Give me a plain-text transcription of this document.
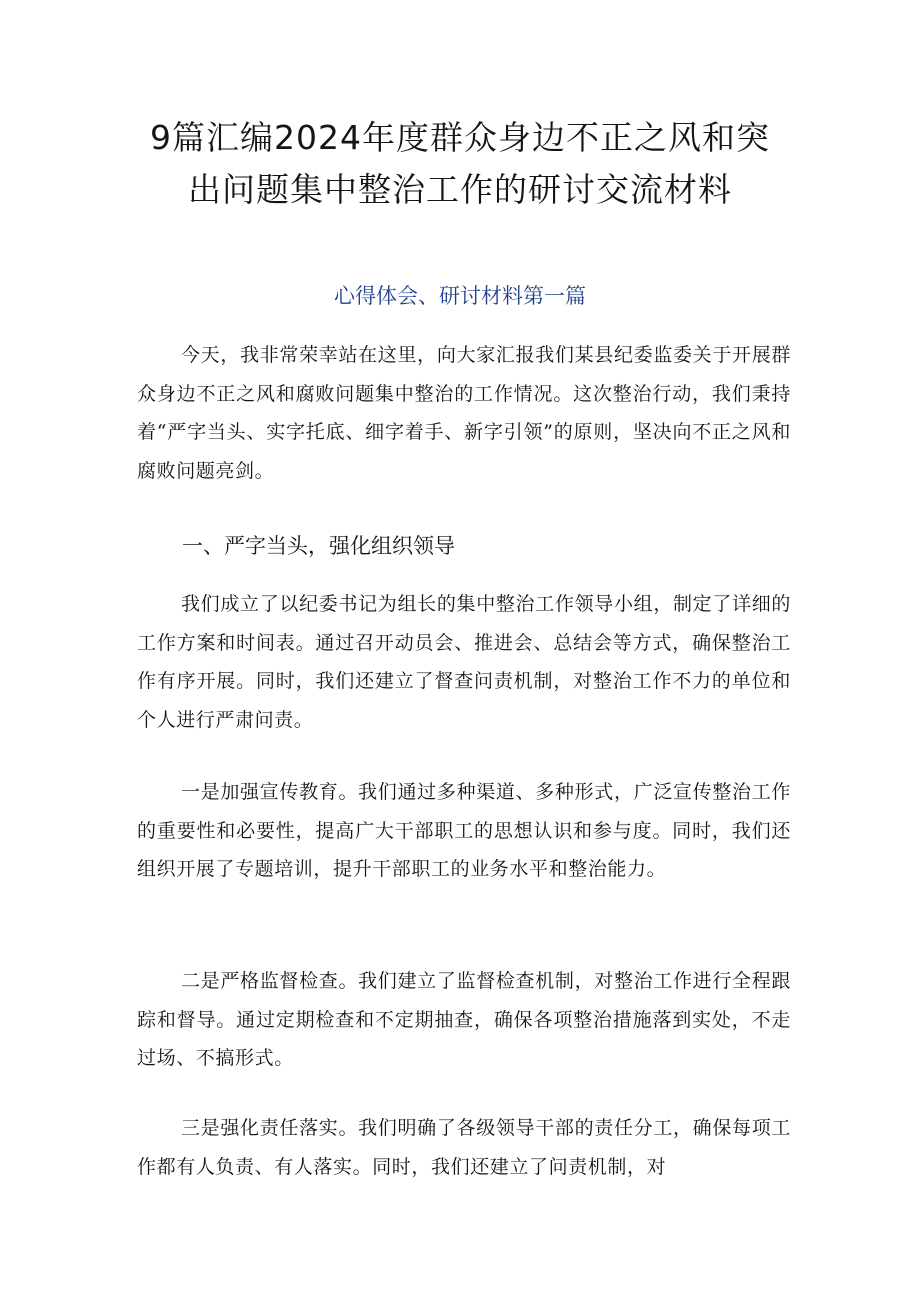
9篇汇编2024年度群众身边不正之风和突
出问题集中整治工作的研讨交流材料
心得体会、研讨材料第一篇

今天，我非常荣幸站在这里，向大家汇报我们某县纪委监委关于开展群众身边不正之风和腐败问题集中整治的工作情况。这次整治行动，我们秉持着“严字当头、实字托底、细字着手、新字引领”的原则，坚决向不正之风和腐败问题亮剑。

一、严字当头，强化组织领导

我们成立了以纪委书记为组长的集中整治工作领导小组，制定了详细的工作方案和时间表。通过召开动员会、推进会、总结会等方式，确保整治工作有序开展。同时，我们还建立了督查问责机制，对整治工作不力的单位和个人进行严肃问责。

一是加强宣传教育。我们通过多种渠道、多种形式，广泛宣传整治工作的重要性和必要性，提高广大干部职工的思想认识和参与度。同时，我们还组织开展了专题培训，提升干部职工的业务水平和整治能力。

二是严格监督检查。我们建立了监督检查机制，对整治工作进行全程跟踪和督导。通过定期检查和不定期抽查，确保各项整治措施落到实处，不走过场、不搞形式。

三是强化责任落实。我们明确了各级领导干部的责任分工，确保每项工作都有人负责、有人落实。同时，我们还建立了问责机制，对
